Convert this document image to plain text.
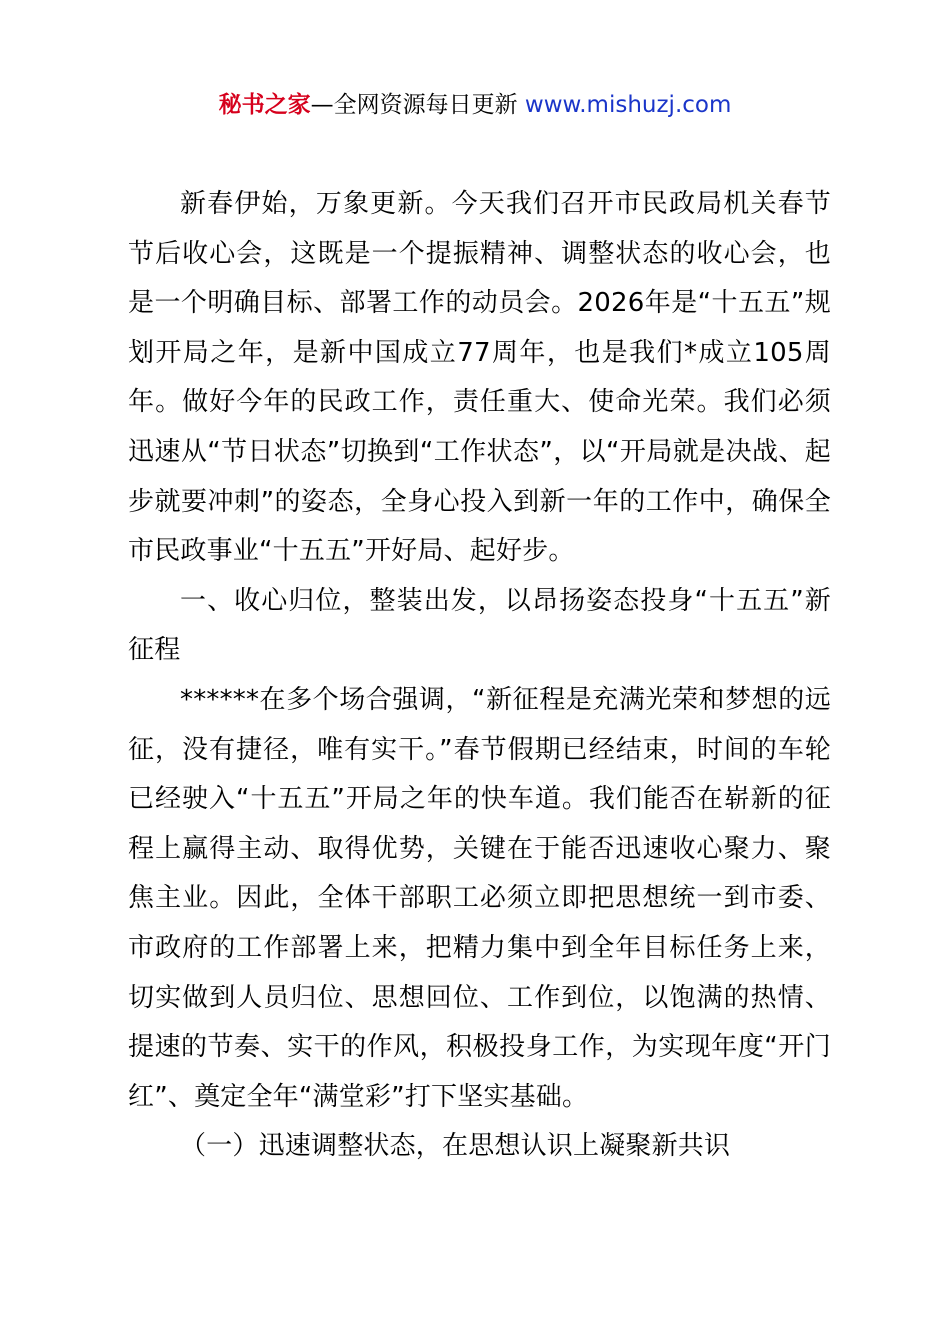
秘书之家—全网资源每日更新 www.mishuzj.com

新春伊始，万象更新。今天我们召开市民政局机关春节节后收心会，这既是一个提振精神、调整状态的收心会，也是一个明确目标、部署工作的动员会。2026年是“十五五”规划开局之年，是新中国成立77周年，也是我们*成立105周年。做好今年的民政工作，责任重大、使命光荣。我们必须迅速从“节日状态”切换到“工作状态”，以“开局就是决战、起步就要冲刺”的姿态，全身心投入到新一年的工作中，确保全市民政事业“十五五”开好局、起好步。

一、收心归位，整装出发，以昂扬姿态投身“十五五”新征程

******在多个场合强调，“新征程是充满光荣和梦想的远征，没有捷径，唯有实干。”春节假期已经结束，时间的车轮已经驶入“十五五”开局之年的快车道。我们能否在崭新的征程上赢得主动、取得优势，关键在于能否迅速收心聚力、聚焦主业。因此，全体干部职工必须立即把思想统一到市委、市政府的工作部署上来，把精力集中到全年目标任务上来，切实做到人员归位、思想回位、工作到位，以饱满的热情、提速的节奏、实干的作风，积极投身工作，为实现年度“开门红”、奠定全年“满堂彩”打下坚实基础。

（一）迅速调整状态，在思想认识上凝聚新共识
